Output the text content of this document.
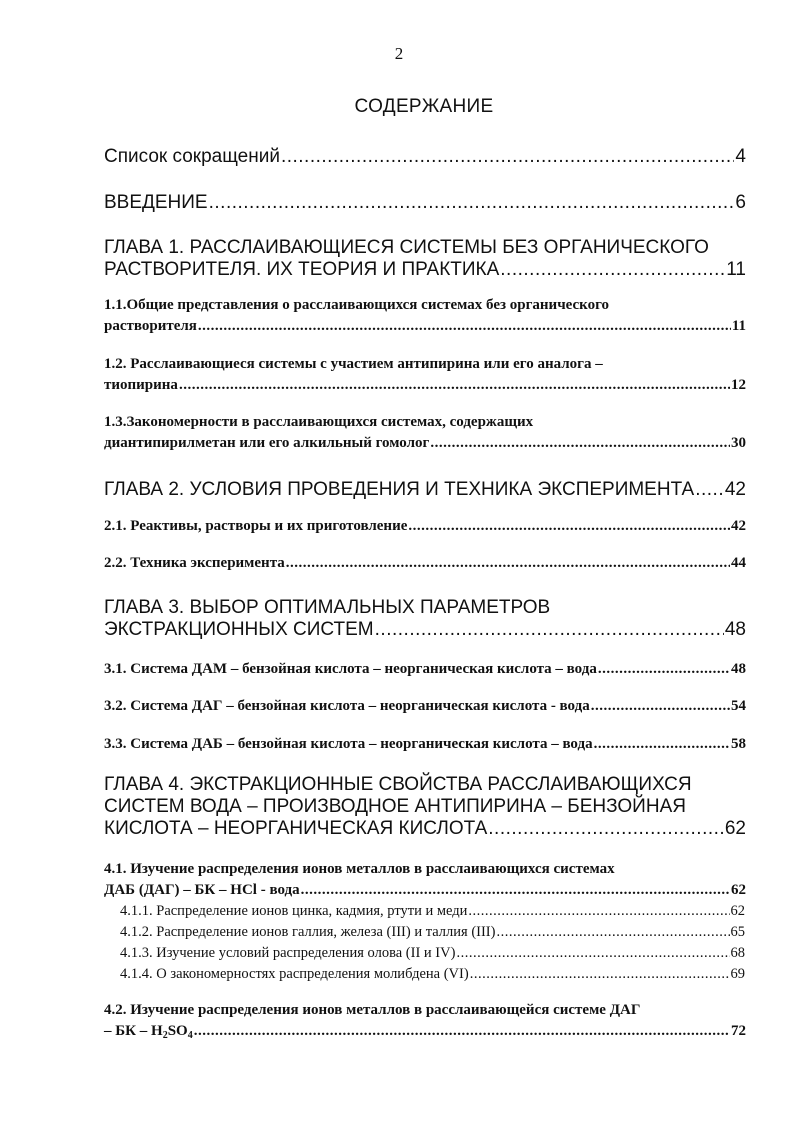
2
СОДЕРЖАНИЕ
Список сокращений .....	4
ВВЕДЕНИЕ .....	6
ГЛАВА 1. РАССЛАИВАЮЩИЕСЯ СИСТЕМЫ БЕЗ ОРГАНИЧЕСКОГО
РАСТВОРИТЕЛЯ. ИХ ТЕОРИЯ И ПРАКТИКА .....	11
1.1.Общие представления о расслаивающихся системах без органического
растворителя .....	11
1.2. Расслаивающиеся системы с участием антипирина или его аналога –
тиопирина .....	12
1.3.Закономерности в расслаивающихся системах, содержащих
диантипирилметан или его алкильный гомолог .....	30
ГЛАВА 2. УСЛОВИЯ ПРОВЕДЕНИЯ И ТЕХНИКА ЭКСПЕРИМЕНТА ..... 42
2.1. Реактивы, растворы и их приготовление .....	42
2.2. Техника эксперимента .....	44
ГЛАВА 3. ВЫБОР ОПТИМАЛЬНЫХ ПАРАМЕТРОВ
ЭКСТРАКЦИОННЫХ СИСТЕМ .....	48
3.1. Система ДАМ – бензойная кислота – неорганическая кислота – вода .....	48
3.2. Система ДАГ – бензойная кислота – неорганическая кислота - вода .....	54
3.3. Система ДАБ – бензойная кислота – неорганическая кислота – вода .....	58
ГЛАВА 4. ЭКСТРАКЦИОННЫЕ СВОЙСТВА РАССЛАИВАЮЩИХСЯ
СИСТЕМ ВОДА – ПРОИЗВОДНОЕ АНТИПИРИНА – БЕНЗОЙНАЯ
КИСЛОТА – НЕОРГАНИЧЕСКАЯ КИСЛОТА .....	62
4.1. Изучение распределения ионов металлов в расслаивающихся системах
ДАБ (ДАГ) – БК – HCl - вода .....	62
4.1.1. Распределение ионов цинка, кадмия, ртути и меди .....	62
4.1.2. Распределение ионов галлия, железа (III) и таллия (III) .....	65
4.1.3. Изучение условий распределения олова (II и IV) .....	68
4.1.4. О закономерностях распределения молибдена (VI) .....	69
4.2. Изучение распределения ионов металлов в расслаивающейся системе ДАГ
– БК – $H_2SO_4$ .....	72
